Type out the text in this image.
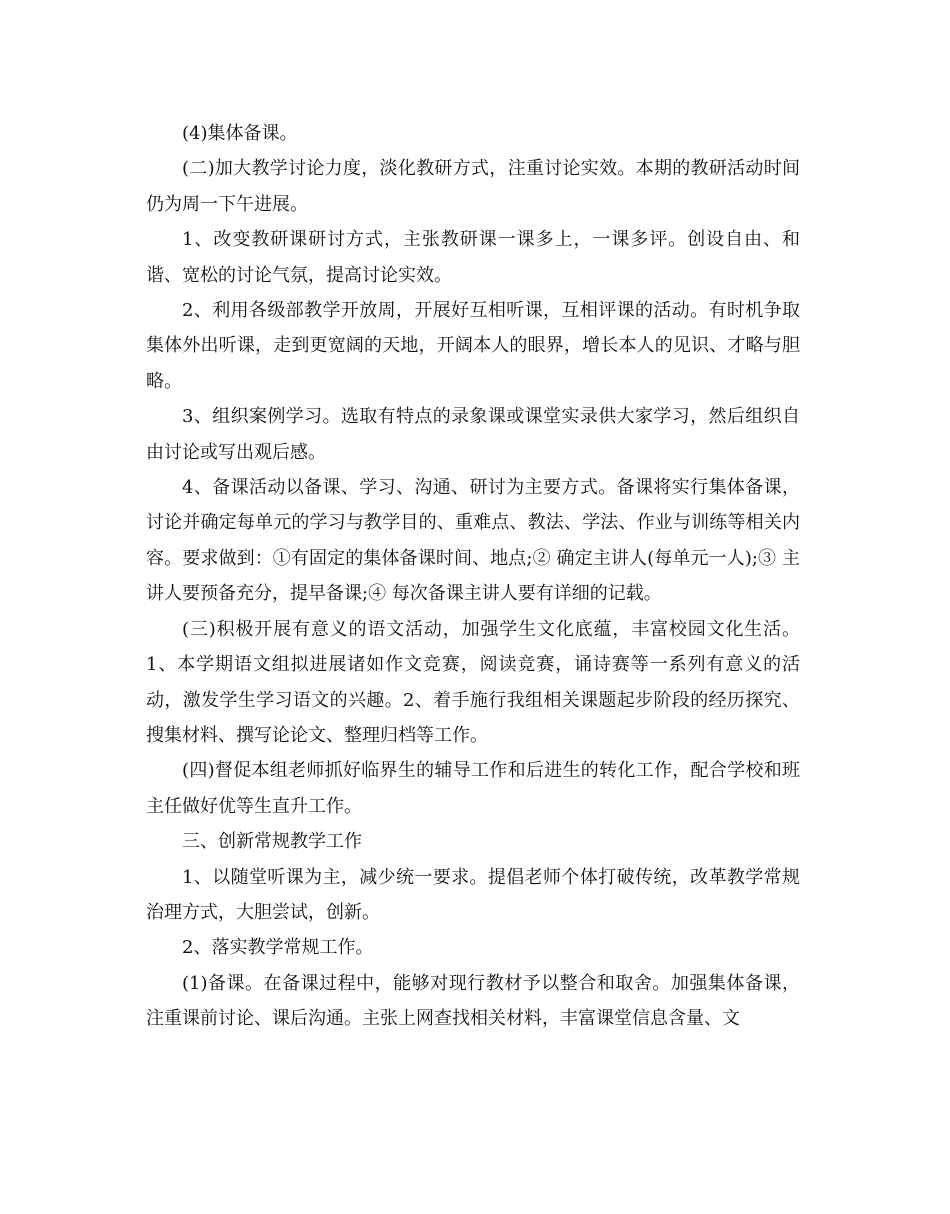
(4)集体备课。

(二)加大教学讨论力度，淡化教研方式，注重讨论实效。本期的教研活动时间仍为周一下午进展。

1、改变教研课研讨方式，主张教研课一课多上，一课多评。创设自由、和谐、宽松的讨论气氛，提高讨论实效。

2、利用各级部教学开放周，开展好互相听课，互相评课的活动。有时机争取集体外出听课，走到更宽阔的天地，开阔本人的眼界，增长本人的见识、才略与胆略。

3、组织案例学习。选取有特点的录象课或课堂实录供大家学习，然后组织自由讨论或写出观后感。

4、备课活动以备课、学习、沟通、研讨为主要方式。备课将实行集体备课，讨论并确定每单元的学习与教学目的、重难点、教法、学法、作业与训练等相关内容。要求做到：①有固定的集体备课时间、地点;② 确定主讲人(每单元一人);③ 主讲人要预备充分，提早备课;④ 每次备课主讲人要有详细的记载。

(三)积极开展有意义的语文活动，加强学生文化底蕴，丰富校园文化生活。1、本学期语文组拟进展诸如作文竞赛，阅读竞赛，诵诗赛等一系列有意义的活动，激发学生学习语文的兴趣。2、着手施行我组相关课题起步阶段的经历探究、搜集材料、撰写论论文、整理归档等工作。

(四)督促本组老师抓好临界生的辅导工作和后进生的转化工作，配合学校和班主任做好优等生直升工作。

三、创新常规教学工作

1、以随堂听课为主，减少统一要求。提倡老师个体打破传统，改革教学常规治理方式，大胆尝试，创新。

2、落实教学常规工作。

(1)备课。在备课过程中，能够对现行教材予以整合和取舍。加强集体备课，注重课前讨论、课后沟通。主张上网查找相关材料，丰富课堂信息含量、文
